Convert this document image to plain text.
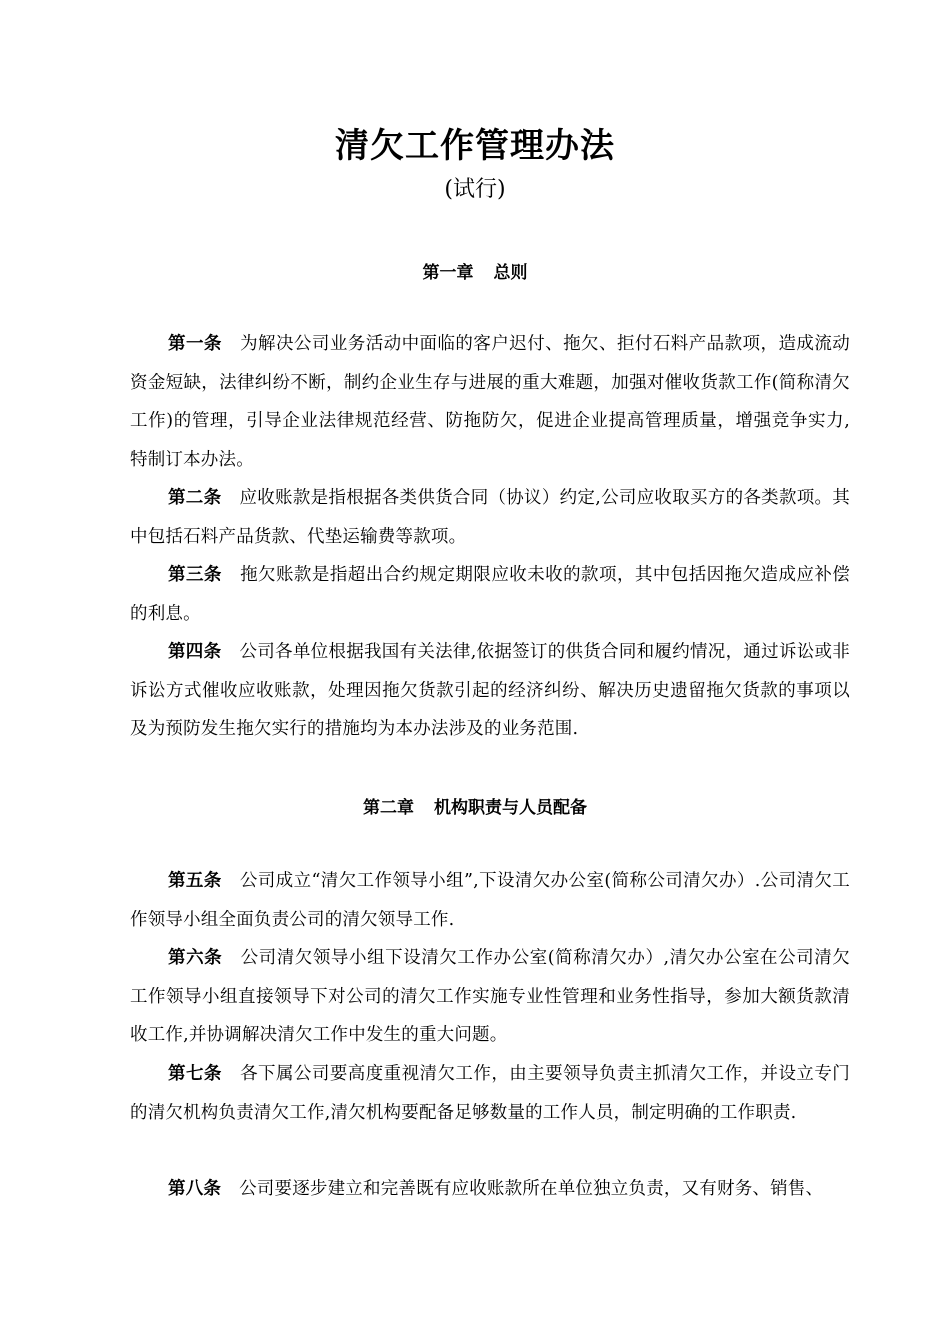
清欠工作管理办法
(试行)
第一章 总则

第一条 为解决公司业务活动中面临的客户迟付、拖欠、拒付石料产品款项，造成流动资金短缺，法律纠纷不断，制约企业生存与进展的重大难题，加强对催收货款工作(简称清欠工作)的管理，引导企业法律规范经营、防拖防欠，促进企业提高管理质量，增强竞争实力,特制订本办法。

第二条 应收账款是指根据各类供货合同（协议）约定,公司应收取买方的各类款项。其中包括石料产品货款、代垫运输费等款项。

第三条 拖欠账款是指超出合约规定期限应收未收的款项，其中包括因拖欠造成应补偿的利息。

第四条 公司各单位根据我国有关法律,依据签订的供货合同和履约情况，通过诉讼或非诉讼方式催收应收账款，处理因拖欠货款引起的经济纠纷、解决历史遗留拖欠货款的事项以及为预防发生拖欠实行的措施均为本办法涉及的业务范围.

第二章 机构职责与人员配备

第五条 公司成立“清欠工作领导小组”,下设清欠办公室(简称公司清欠办）.公司清欠工作领导小组全面负责公司的清欠领导工作.

第六条 公司清欠领导小组下设清欠工作办公室(简称清欠办）,清欠办公室在公司清欠工作领导小组直接领导下对公司的清欠工作实施专业性管理和业务性指导，参加大额货款清收工作,并协调解决清欠工作中发生的重大问题。

第七条 各下属公司要高度重视清欠工作，由主要领导负责主抓清欠工作，并设立专门的清欠机构负责清欠工作,清欠机构要配备足够数量的工作人员，制定明确的工作职责.

第八条 公司要逐步建立和完善既有应收账款所在单位独立负责，又有财务、销售、
